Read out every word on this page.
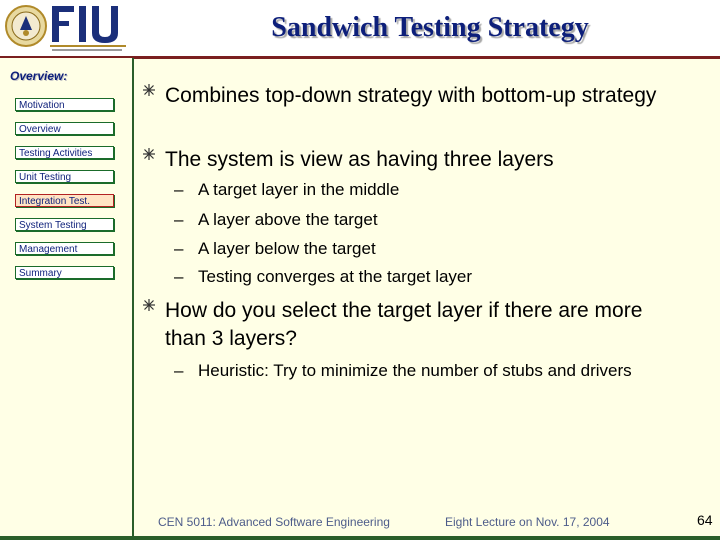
Sandwich Testing Strategy
Overview:
Motivation
Overview
Testing Activities
Unit Testing
Integration Test.
System Testing
Management
Summary
Combines top-down strategy with bottom-up strategy
The system is view as having three layers
– A target layer in the middle
– A layer above the target
– A layer below the target
– Testing converges at the target layer
How do you select the target layer if there are more than 3 layers?
– Heuristic: Try to minimize the number of stubs and drivers
CEN 5011: Advanced Software Engineering	Eight Lecture on Nov. 17, 2004	64
